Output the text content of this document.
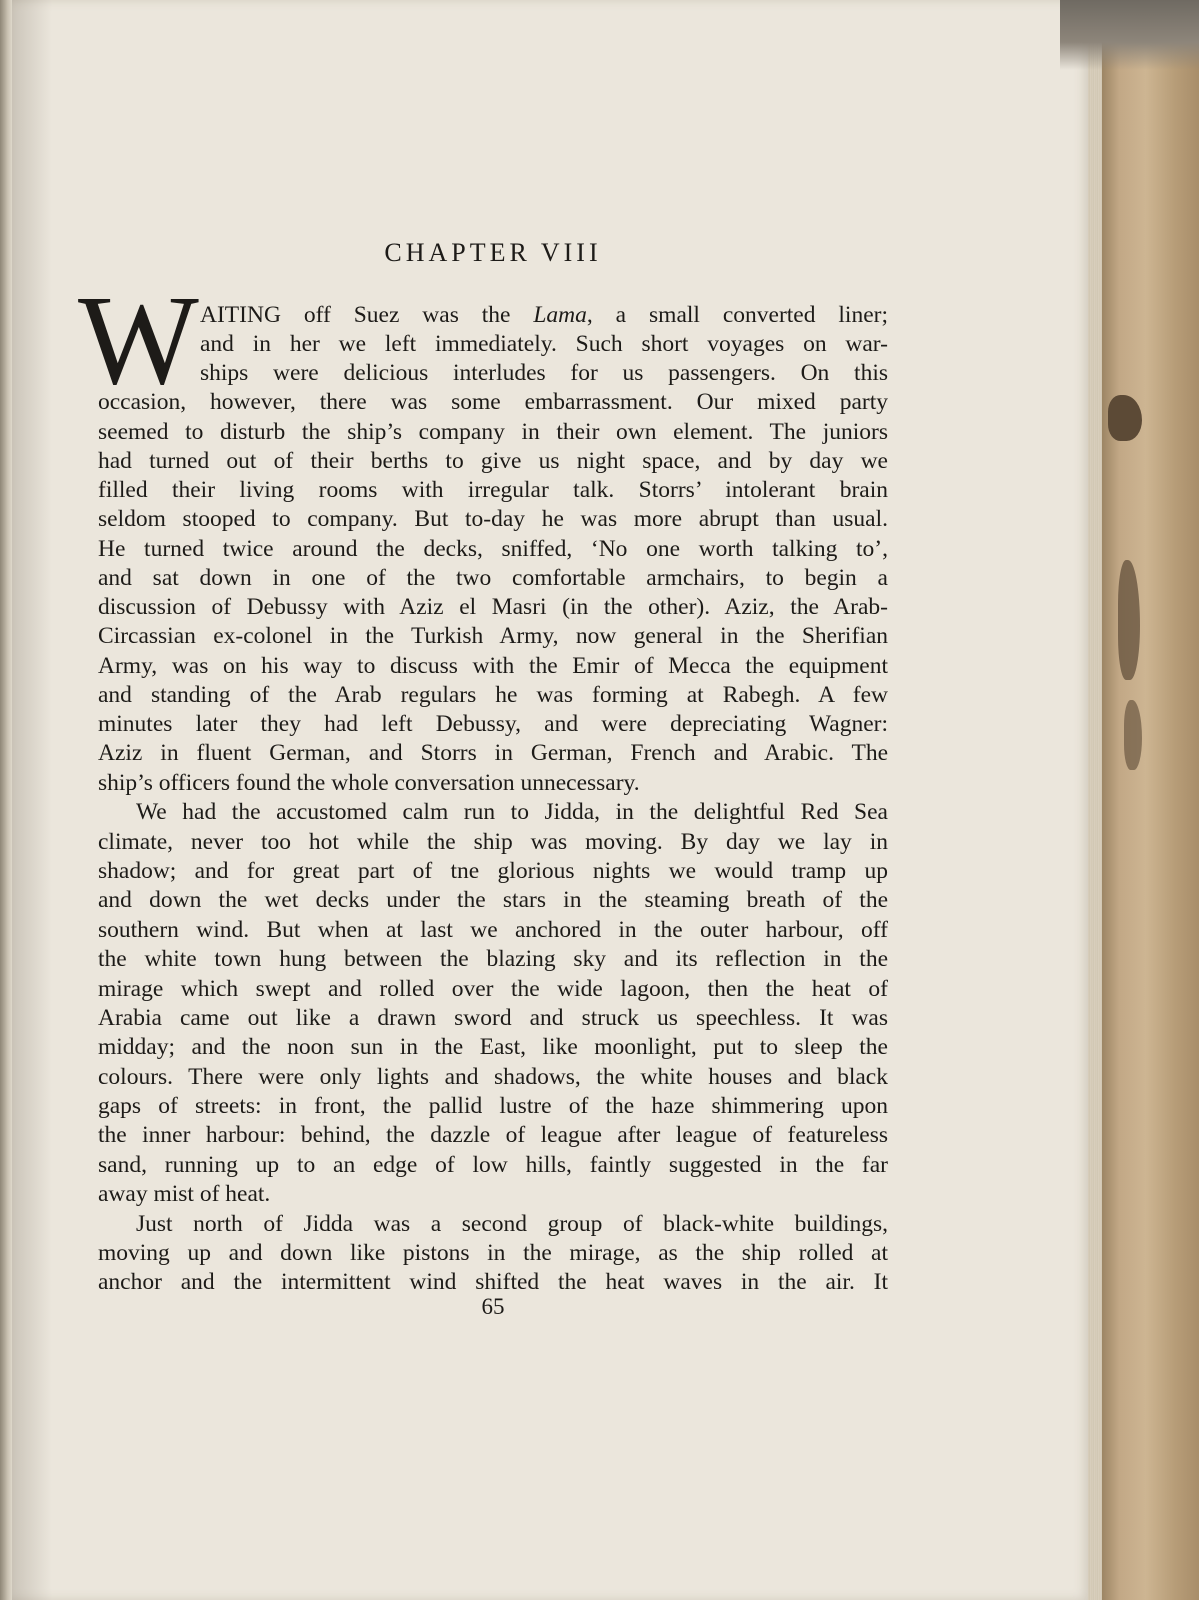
CHAPTER VIII
W AITING off Suez was the Lama, a small converted liner;
and in her we left immediately. Such short voyages on war-
ships were delicious interludes for us passengers. On this
occasion, however, there was some embarrassment. Our mixed party
seemed to disturb the ship’s company in their own element. The juniors
had turned out of their berths to give us night space, and by day we
filled their living rooms with irregular talk. Storrs’ intolerant brain
seldom stooped to company. But to-day he was more abrupt than usual.
He turned twice around the decks, sniffed, ‘No one worth talking to’,
and sat down in one of the two comfortable armchairs, to begin a
discussion of Debussy with Aziz el Masri (in the other). Aziz, the Arab-
Circassian ex-colonel in the Turkish Army, now general in the Sherifian
Army, was on his way to discuss with the Emir of Mecca the equipment
and standing of the Arab regulars he was forming at Rabegh. A few
minutes later they had left Debussy, and were depreciating Wagner:
Aziz in fluent German, and Storrs in German, French and Arabic. The
ship’s officers found the whole conversation unnecessary.
We had the accustomed calm run to Jidda, in the delightful Red Sea
climate, never too hot while the ship was moving. By day we lay in
shadow; and for great part of tne glorious nights we would tramp up
and down the wet decks under the stars in the steaming breath of the
southern wind. But when at last we anchored in the outer harbour, off
the white town hung between the blazing sky and its reflection in the
mirage which swept and rolled over the wide lagoon, then the heat of
Arabia came out like a drawn sword and struck us speechless. It was
midday; and the noon sun in the East, like moonlight, put to sleep the
colours. There were only lights and shadows, the white houses and black
gaps of streets: in front, the pallid lustre of the haze shimmering upon
the inner harbour: behind, the dazzle of league after league of featureless
sand, running up to an edge of low hills, faintly suggested in the far
away mist of heat.
Just north of Jidda was a second group of black-white buildings,
moving up and down like pistons in the mirage, as the ship rolled at
anchor and the intermittent wind shifted the heat waves in the air. It
65
